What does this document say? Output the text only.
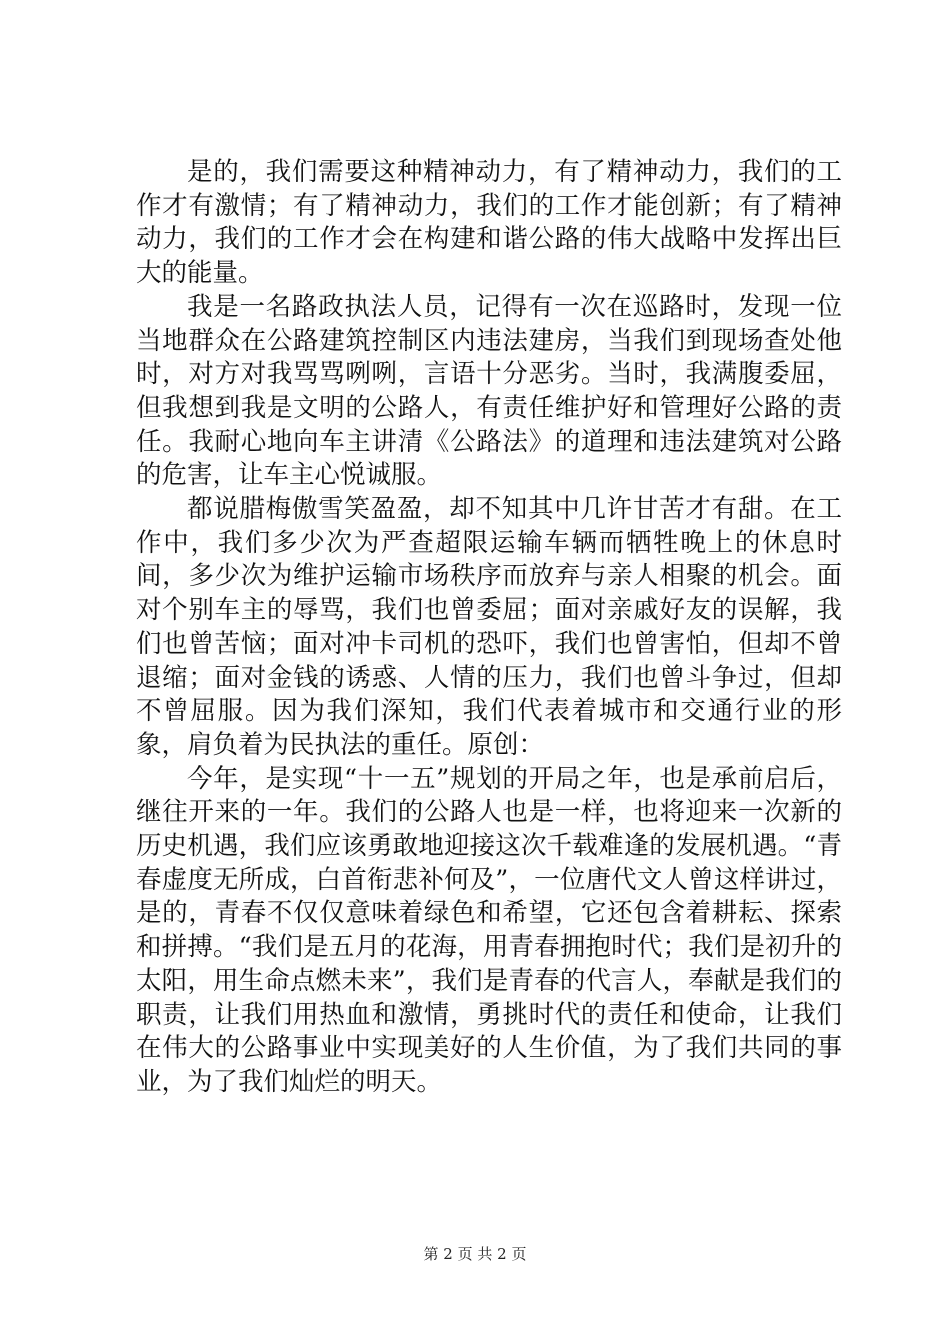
是的，我们需要这种精神动力，有了精神动力，我们的工作才有激情；有了精神动力，我们的工作才能创新；有了精神动力，我们的工作才会在构建和谐公路的伟大战略中发挥出巨大的能量。

我是一名路政执法人员，记得有一次在巡路时，发现一位当地群众在公路建筑控制区内违法建房，当我们到现场查处他时，对方对我骂骂咧咧，言语十分恶劣。当时，我满腹委屈，但我想到我是文明的公路人，有责任维护好和管理好公路的责任。我耐心地向车主讲清《公路法》的道理和违法建筑对公路的危害，让车主心悦诚服。

都说腊梅傲雪笑盈盈，却不知其中几许甘苦才有甜。在工作中，我们多少次为严查超限运输车辆而牺牲晚上的休息时间，多少次为维护运输市场秩序而放弃与亲人相聚的机会。面对个别车主的辱骂，我们也曾委屈；面对亲戚好友的误解，我们也曾苦恼；面对冲卡司机的恐吓，我们也曾害怕，但却不曾退缩；面对金钱的诱惑、人情的压力，我们也曾斗争过，但却不曾屈服。因为我们深知，我们代表着城市和交通行业的形象，肩负着为民执法的重任。原创：

今年，是实现“十一五”规划的开局之年，也是承前启后，继往开来的一年。我们的公路人也是一样，也将迎来一次新的历史机遇，我们应该勇敢地迎接这次千载难逢的发展机遇。“青春虚度无所成，白首衔悲补何及”，一位唐代文人曾这样讲过，是的，青春不仅仅意味着绿色和希望，它还包含着耕耘、探索和拼搏。“我们是五月的花海，用青春拥抱时代；我们是初升的太阳，用生命点燃未来”，我们是青春的代言人，奉献是我们的职责，让我们用热血和激情，勇挑时代的责任和使命，让我们在伟大的公路事业中实现美好的人生价值，为了我们共同的事业，为了我们灿烂的明天。

第 2 页 共 2 页
